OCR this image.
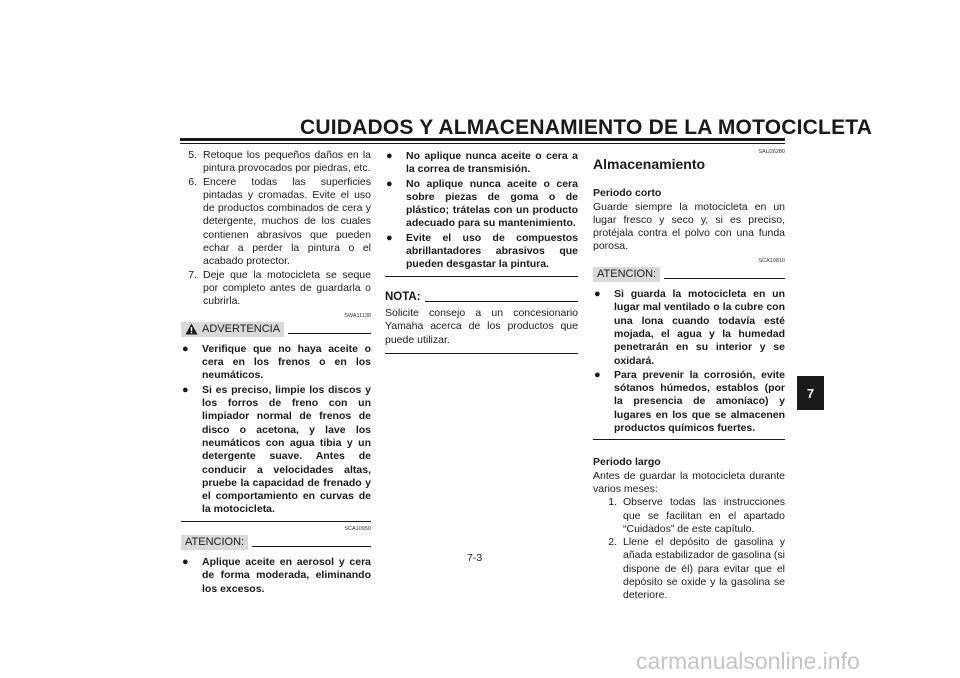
CUIDADOS Y ALMACENAMIENTO DE LA MOTOCICLETA
5. Retoque los pequeños daños en la pintura provocados por piedras, etc.
6. Encere todas las superficies pintadas y cromadas. Evite el uso de productos combinados de cera y detergente, muchos de los cuales contienen abrasivos que pueden echar a perder la pintura o el acabado protector.
7. Deje que la motocicleta se seque por completo antes de guardarla o cubrirla.
SWA11130
ADVERTENCIA
●	Verifique que no haya aceite o cera en los frenos o en los neumáticos.
●	Si es preciso, limpie los discos y los forros de freno con un limpiador normal de frenos de disco o acetona, y lave los neumáticos con agua tibia y un detergente suave. Antes de conducir a velocidades altas, pruebe la capacidad de frenado y el comportamiento en curvas de la motocicleta.
SCA10950
ATENCION:
●	Aplique aceite en aerosol y cera de forma moderada, eliminando los excesos.
●	No aplique nunca aceite o cera a la correa de transmisión.
●	No aplique nunca aceite o cera sobre piezas de goma o de plástico; trátelas con un producto adecuado para su mantenimiento.
●	Evite el uso de compuestos abrillantadores abrasivos que pueden desgastar la pintura.
NOTA:
Solicite consejo a un concesionario Yamaha acerca de los productos que puede utilizar.
SAU26280
Almacenamiento
Periodo corto
Guarde siempre la motocicleta en un lugar fresco y seco y, si es preciso, protéjala contra el polvo con una funda porosa.
SCA10810
ATENCION:
●	Si guarda la motocicleta en un lugar mal ventilado o la cubre con una lona cuando todavía esté mojada, el agua y la humedad penetrarán en su interior y se oxidará.
●	Para prevenir la corrosión, evite sótanos húmedos, establos (por la presencia de amoníaco) y lugares en los que se almacenen productos químicos fuertes.
Periodo largo
Antes de guardar la motocicleta durante varios meses:
1. Observe todas las instrucciones que se facilitan en el apartado “Cuidados” de este capítulo.
2. Llene el depósito de gasolina y añada estabilizador de gasolina (si dispone de él) para evitar que el depósito se oxide y la gasolina se deteriore.
7
7-3
carmanualsonline.info
